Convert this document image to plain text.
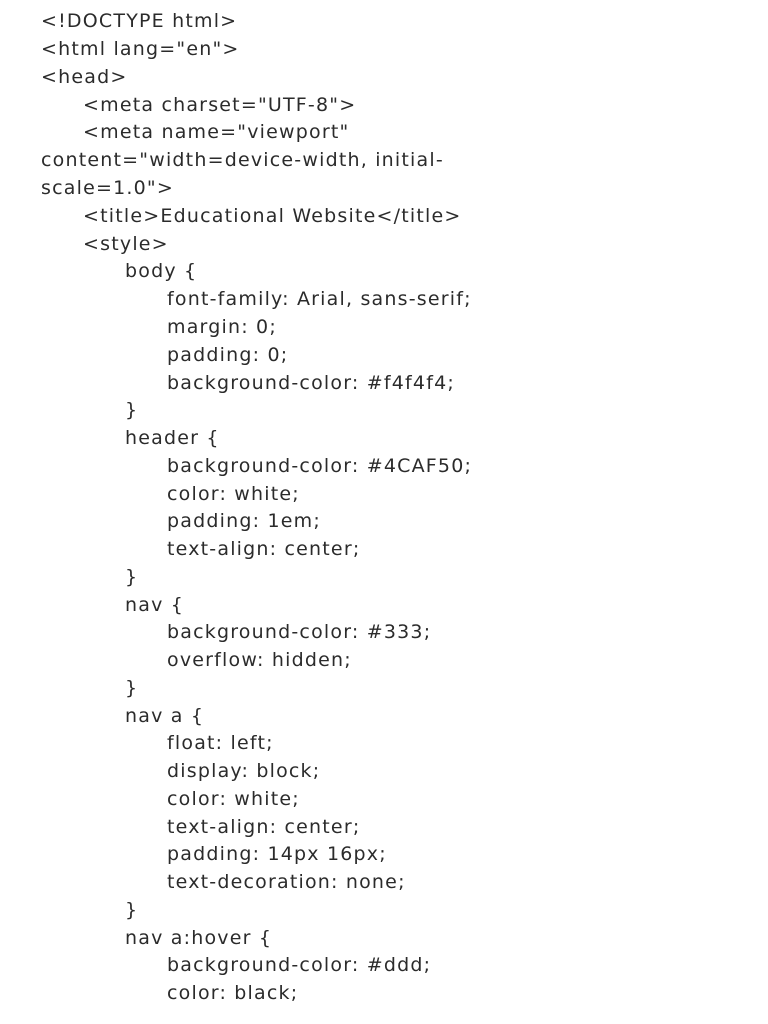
<!DOCTYPE html>
<html lang="en">
<head>
<meta charset="UTF-8">
<meta name="viewport"
content="width=device-width, initial-
scale=1.0">
<title>Educational Website</title>
<style>
body {
font-family: Arial, sans-serif;
margin: 0;
padding: 0;
background-color: #f4f4f4;
}
header {
background-color: #4CAF50;
color: white;
padding: 1em;
text-align: center;
}
nav {
background-color: #333;
overflow: hidden;
}
nav a {
float: left;
display: block;
color: white;
text-align: center;
padding: 14px 16px;
text-decoration: none;
}
nav a:hover {
background-color: #ddd;
color: black;
